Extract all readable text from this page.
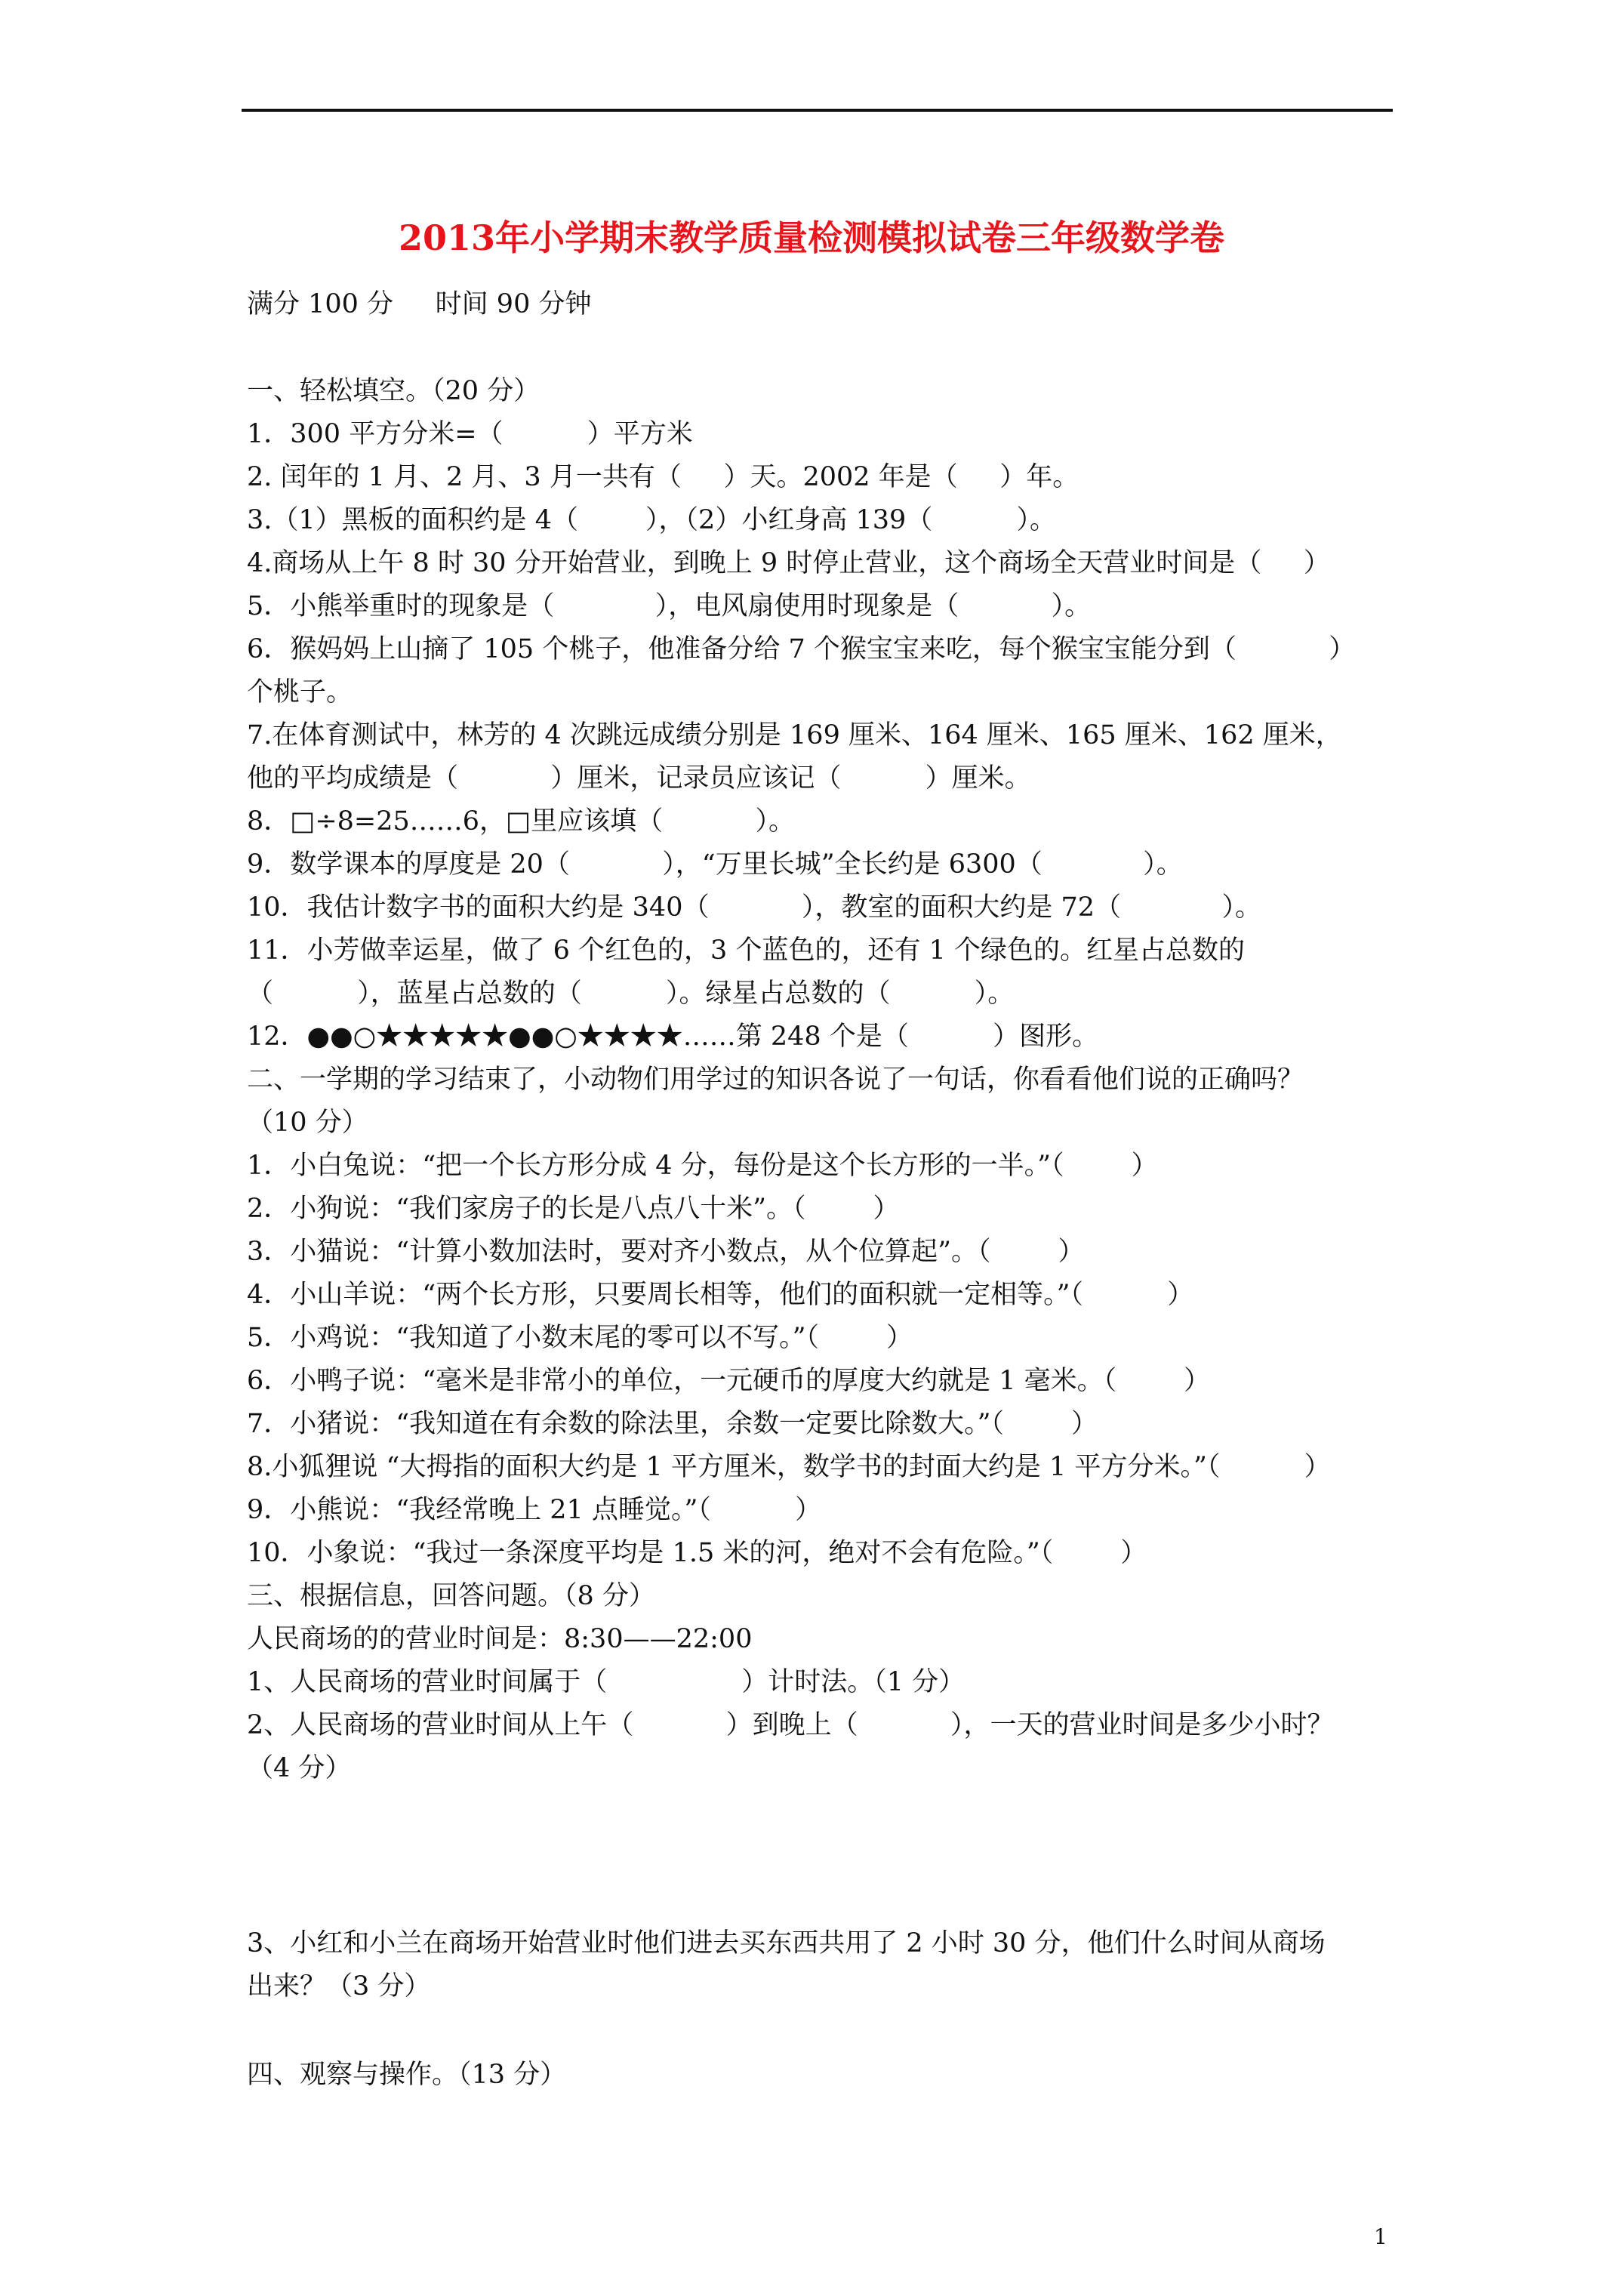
2013年小学期末教学质量检测模拟试卷三年级数学卷
满分 100 分     时间 90 分钟
一、轻松填空。（20 分）
1．300 平方分米=（          ）平方米
2. 闰年的 1 月、2 月、3 月一共有（     ）天。2002 年是（     ）年。
3.（1）黑板的面积约是 4（        ），（2）小红身高 139（          ）。
4.商场从上午 8 时 30 分开始营业，到晚上 9 时停止营业，这个商场全天营业时间是（     ）
5．小熊举重时的现象是（            ），电风扇使用时现象是（           ）。
6．猴妈妈上山摘了 105 个桃子，他准备分给 7 个猴宝宝来吃，每个猴宝宝能分到（           ）
个桃子。
7.在体育测试中，林芳的 4 次跳远成绩分别是 169 厘米、164 厘米、165 厘米、162 厘米，
他的平均成绩是（           ）厘米，记录员应该记（          ）厘米。
8．□÷8=25……6，□里应该填（           ）。
9．数学课本的厚度是 20（           ），“万里长城”全长约是 6300（            ）。
10．我估计数字书的面积大约是 340（           ），教室的面积大约是 72（            ）。
11．小芳做幸运星，做了 6 个红色的，3 个蓝色的，还有 1 个绿色的。红星占总数的
（          ），蓝星占总数的（          ）。绿星占总数的（          ）。
12．●●○★★★★★●●○★★★★……第 248 个是（          ）图形。
二、一学期的学习结束了，小动物们用学过的知识各说了一句话，你看看他们说的正确吗？
（10 分）
1．小白兔说：“把一个长方形分成 4 分，每份是这个长方形的一半。”（        ）
2．小狗说：“我们家房子的长是八点八十米”。（        ）
3．小猫说：“计算小数加法时，要对齐小数点，从个位算起”。（        ）
4．小山羊说：“两个长方形，只要周长相等，他们的面积就一定相等。”（          ）
5．小鸡说：“我知道了小数末尾的零可以不写。”（        ）
6．小鸭子说：“毫米是非常小的单位，一元硬币的厚度大约就是 1 毫米。（        ）
7．小猪说：“我知道在有余数的除法里，余数一定要比除数大。”（        ）
8.小狐狸说 “大拇指的面积大约是 1 平方厘米，数学书的封面大约是 1 平方分米。”（          ）
9．小熊说：“我经常晚上 21 点睡觉。”（          ）
10．小象说：“我过一条深度平均是 1.5 米的河，绝对不会有危险。”（        ）
三、根据信息，回答问题。（8 分）
人民商场的的营业时间是：8:30——22:00
1、人民商场的营业时间属于（                ）计时法。（1 分）
2、人民商场的营业时间从上午（           ）到晚上（           ），一天的营业时间是多少小时？
（4 分）
3、小红和小兰在商场开始营业时他们进去买东西共用了 2 小时 30 分，他们什么时间从商场
出来？（3 分）
四、观察与操作。（13 分）
1
